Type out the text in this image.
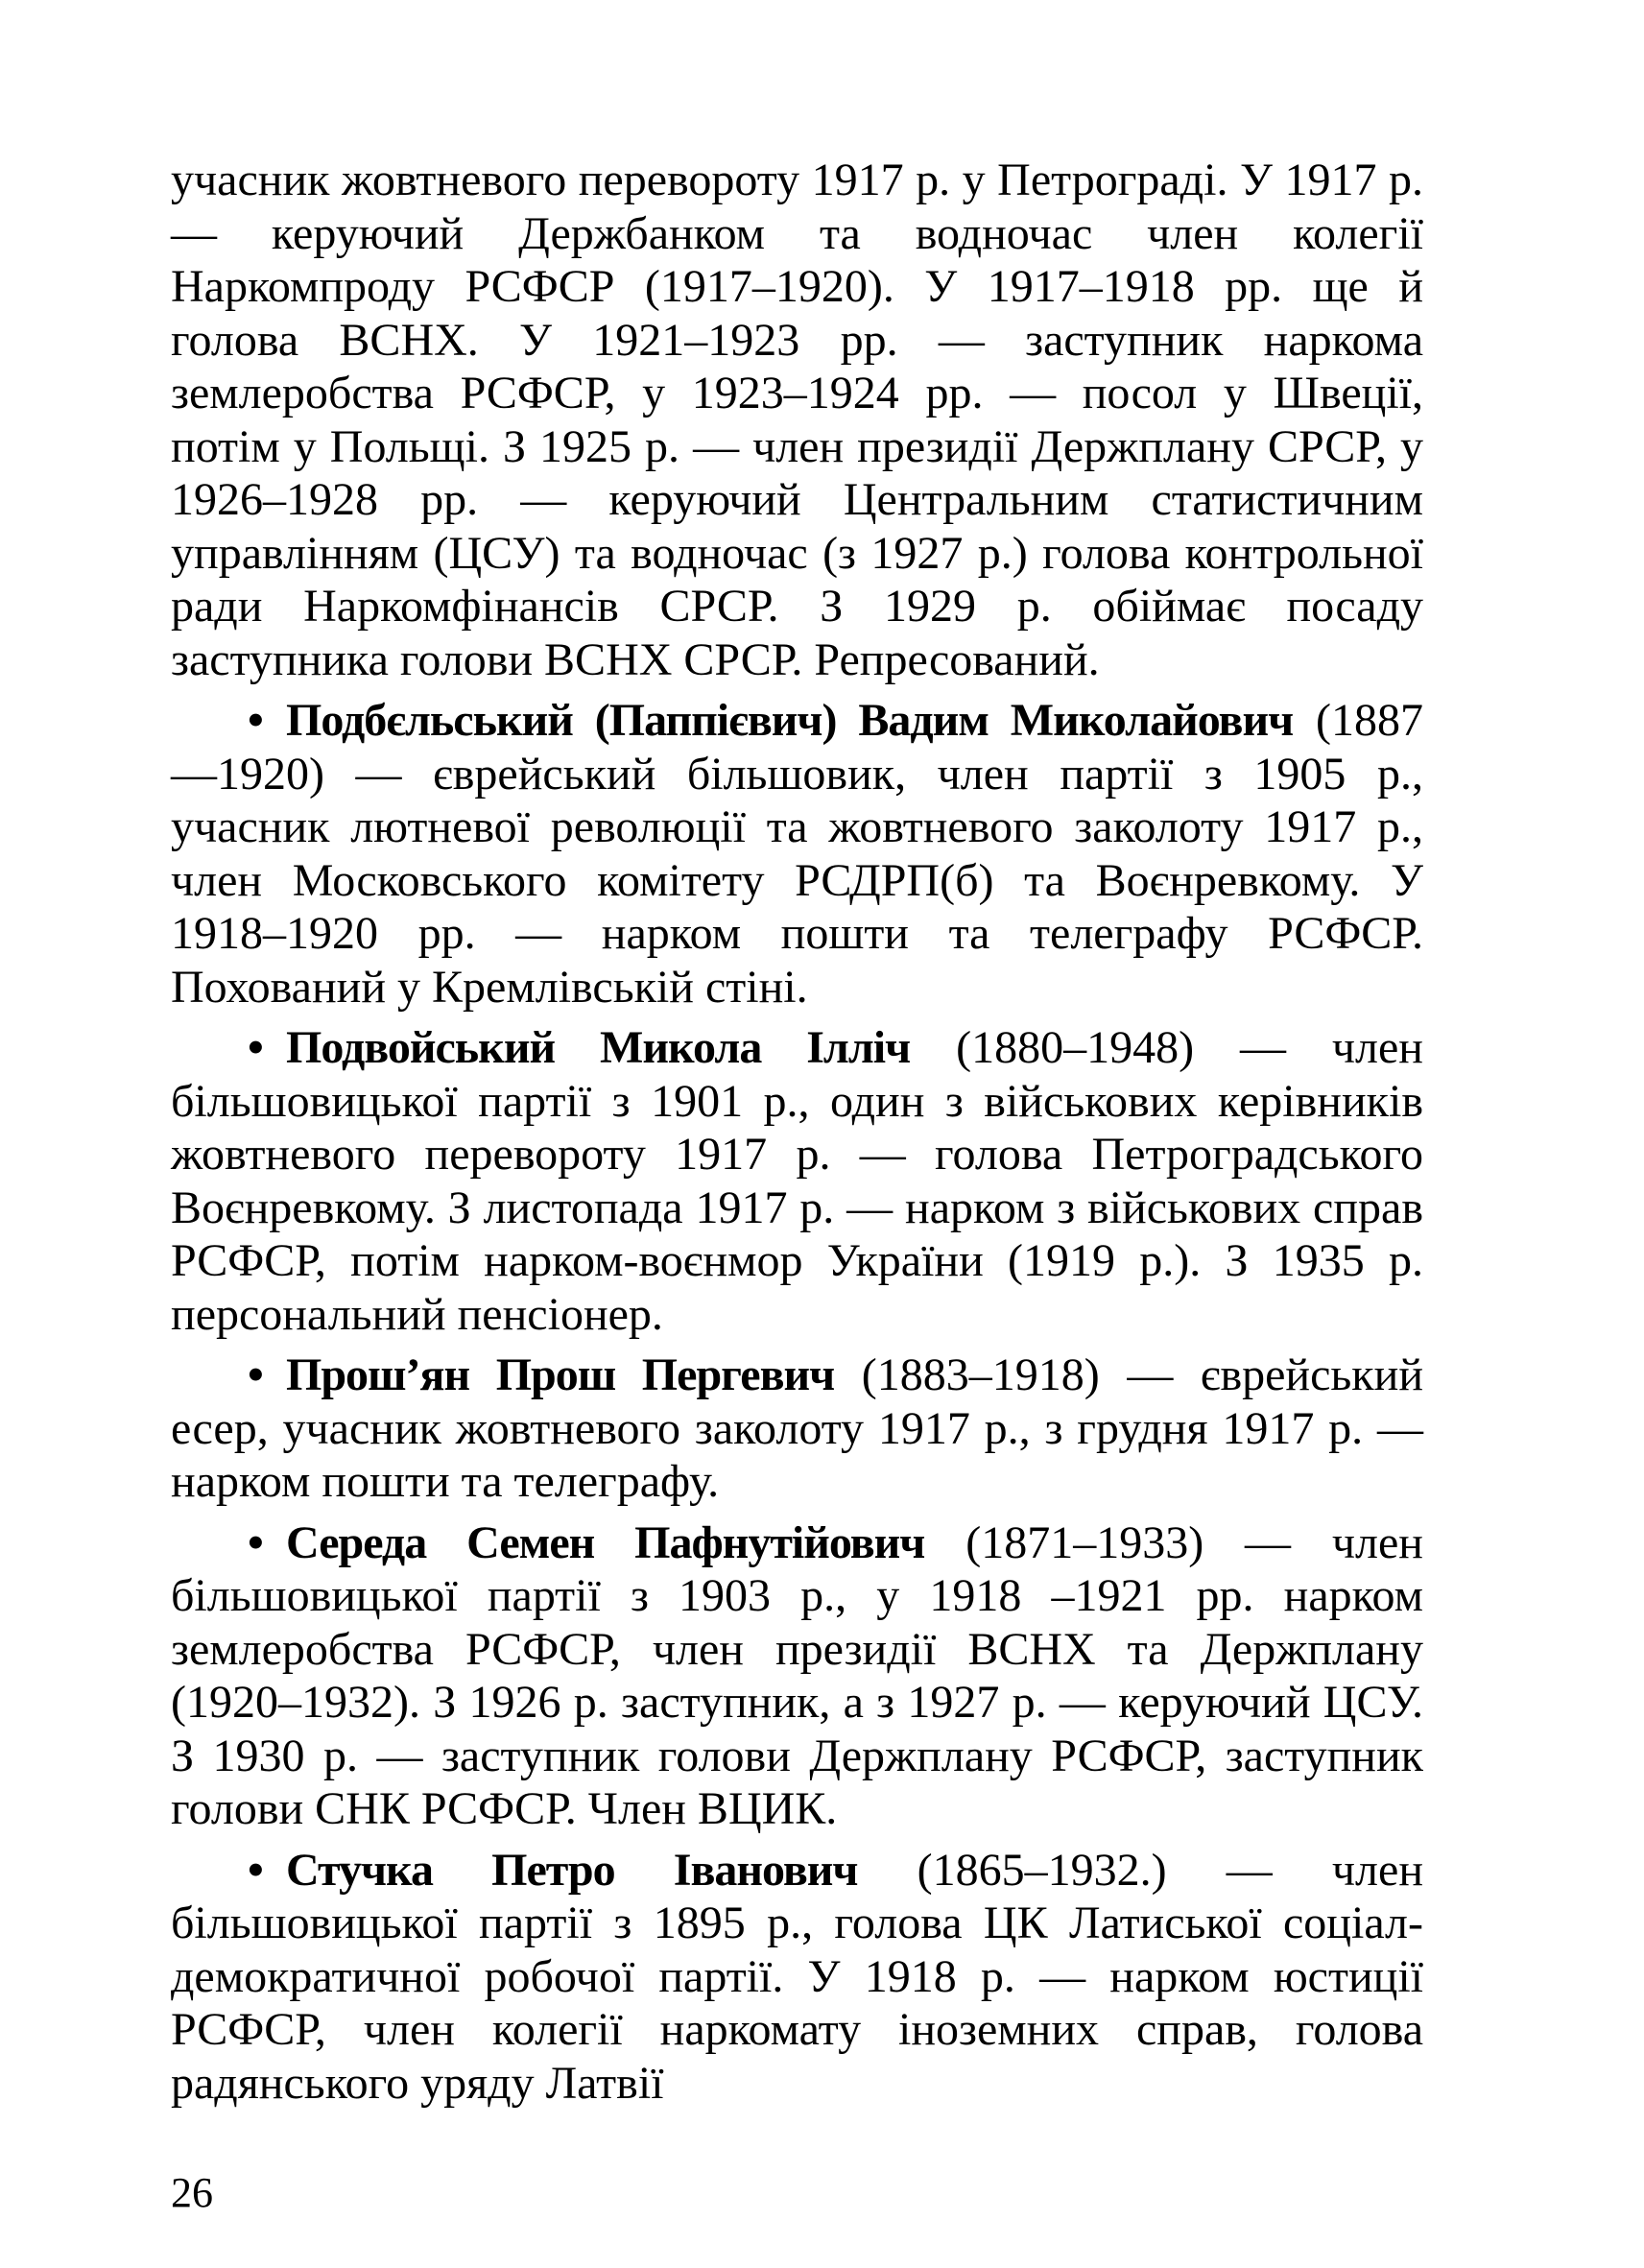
учасник жовтневого перевороту 1917 р. у Петрограді. У 1917 р. — керуючий Держбанком та водночас член колегії Наркомпроду РСФСР (1917–1920). У 1917–1918 рр. ще й голова ВСНХ. У 1921–1923 рр. — заступник наркома землеробства РСФСР, у 1923–1924 рр. — посол у Швеції, потім у Польщі. З 1925 р. — член президії Держплану СРСР, у 1926–1928 рр. — керуючий Центральним статистичним управлінням (ЦСУ) та водночас (з 1927 р.) голова контрольної ради Наркомфінансів СРСР. З 1929 р. обіймає посаду заступника голови ВСНХ СРСР. Репресований.

• Подбєльський (Паппієвич) Вадим Миколайович (1887—1920) — єврейський більшовик, член партії з 1905 р., учасник лютневої революції та жовтневого заколоту 1917 р., член Московського комітету РСДРП(б) та Воєнревкому. У 1918–1920 рр. — нарком пошти та телеграфу РСФСР. Похований у Кремлівській стіні.

• Подвойський Микола Ілліч (1880–1948) — член більшовицької партії з 1901 р., один з військових керівників жовтневого перевороту 1917 р. — голова Петроградського Воєнревкому. З листопада 1917 р. — нарком з військових справ РСФСР, потім нарком-воєнмор України (1919 р.). З 1935 р. персональний пенсіонер.

• Прош’ян Прош Пергевич (1883–1918) — єврейський есер, учасник жовтневого заколоту 1917 р., з грудня 1917 р. — нарком пошти та телеграфу.

• Середа Семен Пафнутійович (1871–1933) — член більшовицької партії з 1903 р., у 1918 –1921 рр. нарком землеробства РСФСР, член президії ВСНХ та Держплану (1920–1932). З 1926 р. заступник, а з 1927 р. — керуючий ЦСУ. З 1930 р. — заступник голови Держплану РСФСР, заступник голови СНК РСФСР. Член ВЦИК.

• Стучка Петро Іванович (1865–1932.) — член більшовицької партії з 1895 р., голова ЦК Латиської соціал-демократичної робочої партії. У 1918 р. — нарком юстиції РСФСР, член колегії наркомату іноземних справ, голова радянського уряду Латвії

26
